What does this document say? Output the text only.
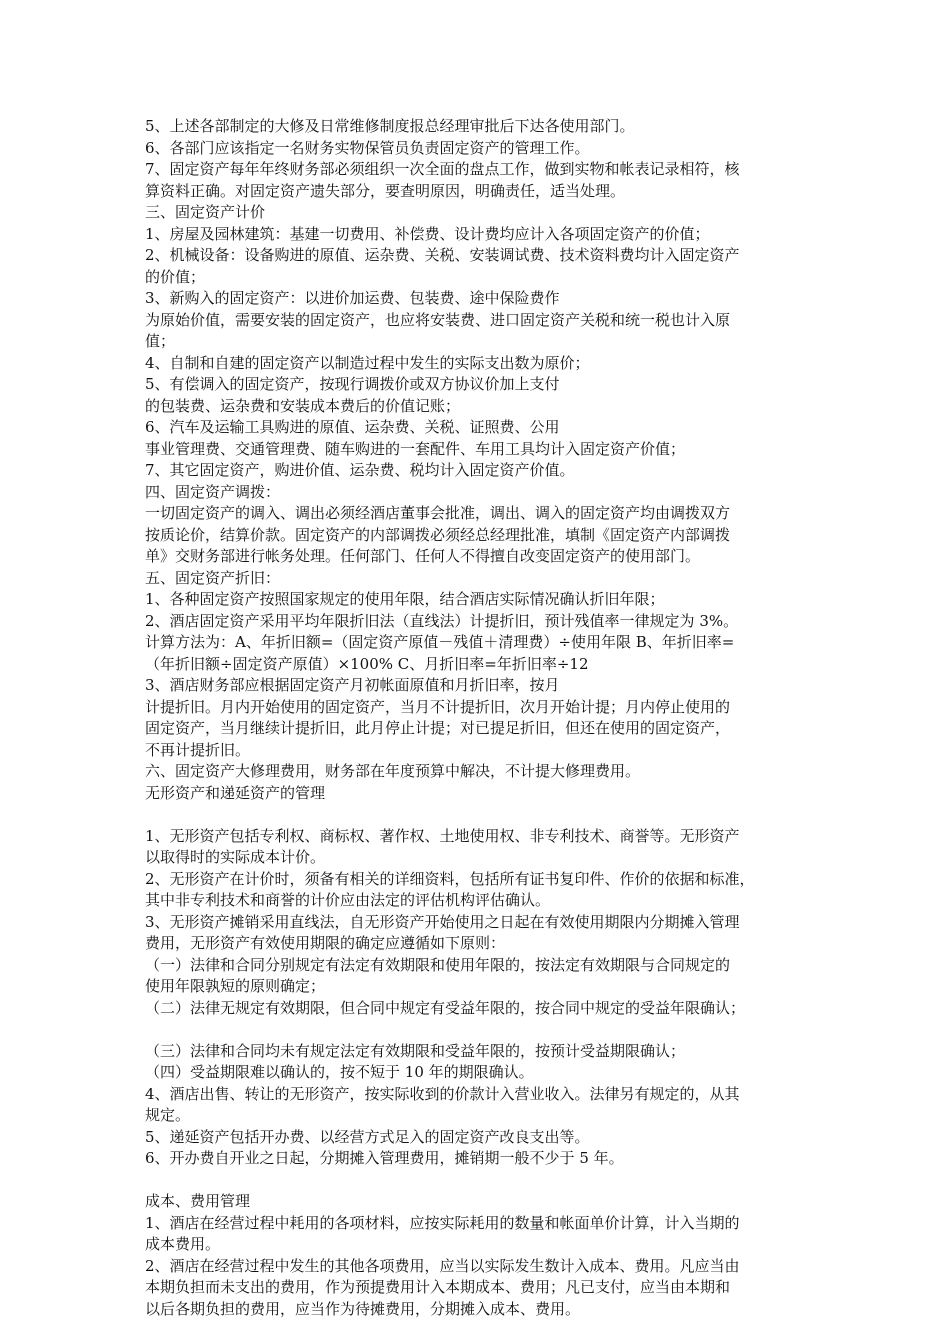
5、上述各部制定的大修及日常维修制度报总经理审批后下达各使用部门。
6、各部门应该指定一名财务实物保管员负责固定资产的管理工作。
7、固定资产每年年终财务部必须组织一次全面的盘点工作，做到实物和帐表记录相符，核
算资料正确。对固定资产遗失部分，要查明原因，明确责任，适当处理。
三、固定资产计价
1、房屋及园林建筑：基建一切费用、补偿费、设计费均应计入各项固定资产的价值；
2、机械设备：设备购进的原值、运杂费、关税、安装调试费、技术资料费均计入固定资产
的价值；
3、新购入的固定资产：以进价加运费、包装费、途中保险费作
为原始价值，需要安装的固定资产，也应将安装费、进口固定资产关税和统一税也计入原
值；
4、自制和自建的固定资产以制造过程中发生的实际支出数为原价；
5、有偿调入的固定资产，按现行调拨价或双方协议价加上支付
的包装费、运杂费和安装成本费后的价值记账；
6、汽车及运输工具购进的原值、运杂费、关税、证照费、公用
事业管理费、交通管理费、随车购进的一套配件、车用工具均计入固定资产价值；
7、其它固定资产，购进价值、运杂费、税均计入固定资产价值。
四、固定资产调拨：
一切固定资产的调入、调出必须经酒店董事会批准，调出、调入的固定资产均由调拨双方
按质论价，结算价款。固定资产的内部调拨必须经总经理批准，填制《固定资产内部调拨
单》交财务部进行帐务处理。任何部门、任何人不得擅自改变固定资产的使用部门。
五、固定资产折旧：
1、各种固定资产按照国家规定的使用年限，结合酒店实际情况确认折旧年限；
2、酒店固定资产采用平均年限折旧法（直线法）计提折旧，预计残值率一律规定为 3%。
计算方法为：A、年折旧额=（固定资产原值－残值＋清理费）÷使用年限 B、年折旧率=
（年折旧额÷固定资产原值）×100% C、月折旧率=年折旧率÷12
3、酒店财务部应根据固定资产月初帐面原值和月折旧率，按月
计提折旧。月内开始使用的固定资产，当月不计提折旧，次月开始计提；月内停止使用的
固定资产，当月继续计提折旧，此月停止计提；对已提足折旧，但还在使用的固定资产，
不再计提折旧。
六、固定资产大修理费用，财务部在年度预算中解决，不计提大修理费用。
无形资产和递延资产的管理
1、无形资产包括专利权、商标权、著作权、土地使用权、非专利技术、商誉等。无形资产
以取得时的实际成本计价。
2、无形资产在计价时，须备有相关的详细资料，包括所有证书复印件、作价的依据和标准，
其中非专利技术和商誉的计价应由法定的评估机构评估确认。
3、无形资产摊销采用直线法，自无形资产开始使用之日起在有效使用期限内分期摊入管理
费用，无形资产有效使用期限的确定应遵循如下原则：
（一）法律和合同分别规定有法定有效期限和使用年限的，按法定有效期限与合同规定的
使用年限孰短的原则确定；
（二）法律无规定有效期限，但合同中规定有受益年限的，按合同中规定的受益年限确认；
（三）法律和合同均未有规定法定有效期限和受益年限的，按预计受益期限确认；
（四）受益期限难以确认的，按不短于 10 年的期限确认。
4、酒店出售、转让的无形资产，按实际收到的价款计入营业收入。法律另有规定的，从其
规定。
5、递延资产包括开办费、以经营方式足入的固定资产改良支出等。
6、开办费自开业之日起，分期摊入管理费用，摊销期一般不少于 5 年。
成本、费用管理
1、酒店在经营过程中耗用的各项材料，应按实际耗用的数量和帐面单价计算，计入当期的
成本费用。
2、酒店在经营过程中发生的其他各项费用，应当以实际发生数计入成本、费用。凡应当由
本期负担而未支出的费用，作为预提费用计入本期成本、费用；凡已支付，应当由本期和
以后各期负担的费用，应当作为待摊费用，分期摊入成本、费用。
